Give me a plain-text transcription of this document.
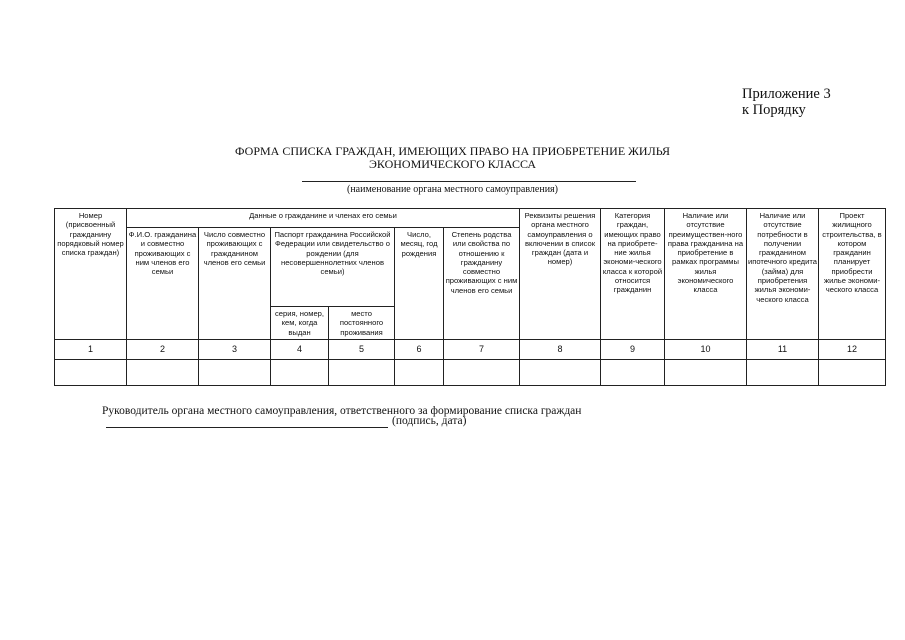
Приложение 3
к Порядку
ФОРМА СПИСКА ГРАЖДАН, ИМЕЮЩИХ ПРАВО НА ПРИОБРЕТЕНИЕ ЖИЛЬЯ
ЭКОНОМИЧЕСКОГО КЛАССА
(наименование органа местного самоуправления)
Номер (присвоенный гражданину порядковый номер списка граждан)	Данные о гражданине и членах его семьи						Реквизиты решения органа местного самоуправления о включении в список граждан (дата и номер)	Категория граждан, имеющих право на приобрете-ние жилья экономи-ческого класса к которой относится гражданин	Наличие или отсутствие преимуществен-ного права гражданина на приобретение в рамках программы жилья экономического класса	Наличие или отсутствие потребности в получении гражданином ипотечного кредита (займа) для приобретения жилья экономи-ческого класса	Проект жилищного строительства, в котором гражданин планирует приобрести жилье экономи-ческого класса
	Ф.И.О. гражданина и совместно проживающих с ним членов его семьи	Число совместно проживающих с гражданином членов его семьи	Паспорт гражданина Российской Федерации или свидетельство о рождении (для несовершеннолетних членов семьи)		Число, месяц, год рождения	Степень родства или свойства по отношению к гражданину совместно проживающих с ним членов его семьи					
			серия, номер, кем, когда выдан	место постоянного проживания							
1	2	3	4	5	6	7	8	9	10	11	12

Руководитель органа местного самоуправления, ответственного за формирование списка граждан
(подпись, дата)
